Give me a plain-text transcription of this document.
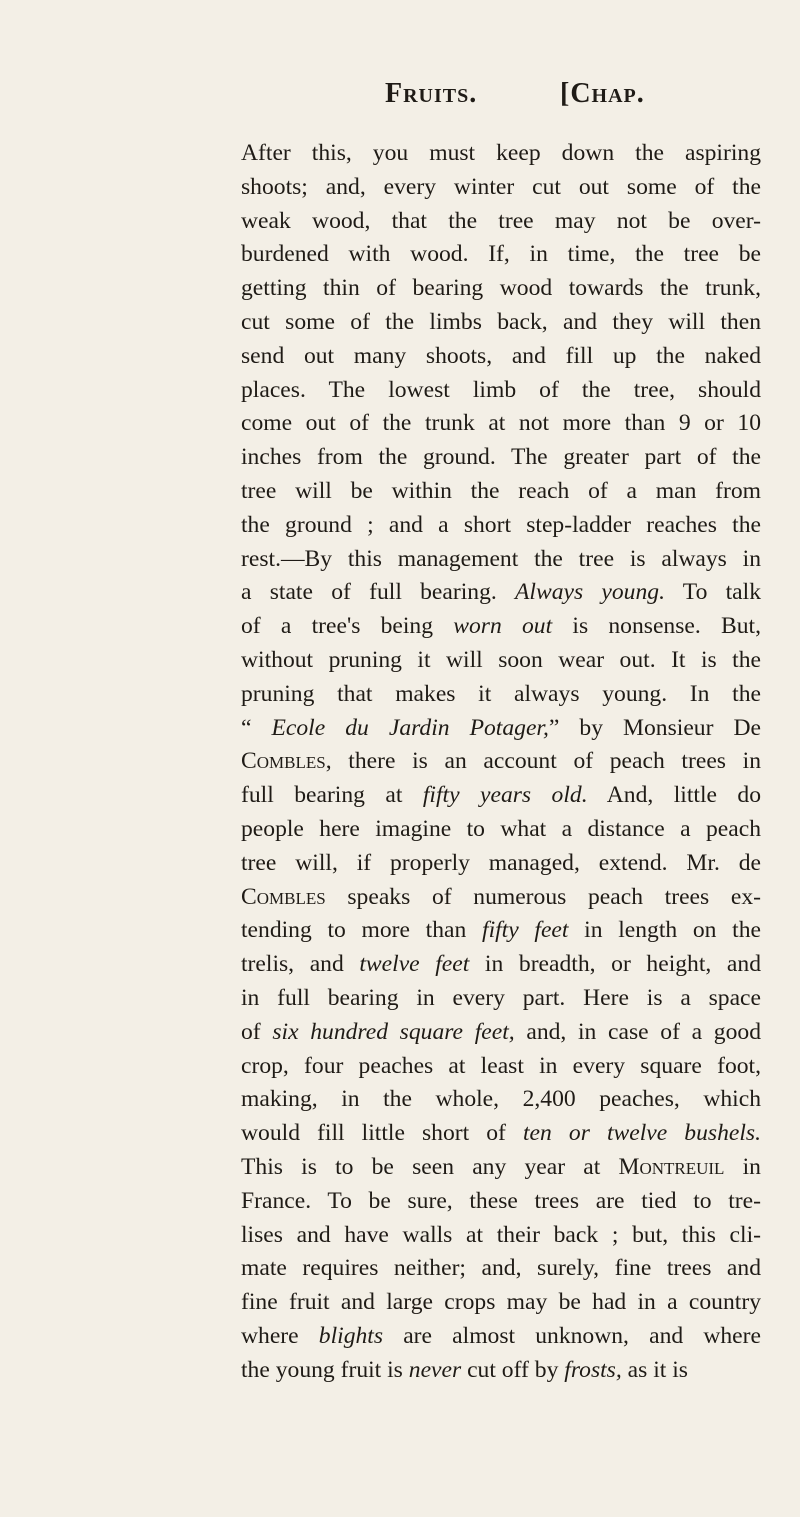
Fruits.	[Chap.
After this, you must keep down the aspiring
shoots; and, every winter cut out some of the
weak wood, that the tree may not be over-
burdened with wood. If, in time, the tree be
getting thin of bearing wood towards the trunk,
cut some of the limbs back, and they will then
send out many shoots, and fill up the naked
places. The lowest limb of the tree, should
come out of the trunk at not more than 9 or 10
inches from the ground. The greater part of the
tree will be within the reach of a man from
the ground ; and a short step-ladder reaches the
rest.—By this management the tree is always in
a state of full bearing. Always young. To talk
of a tree's being worn out is nonsense. But,
without pruning it will soon wear out. It is the
pruning that makes it always young. In the
“ Ecole du Jardin Potager,” by Monsieur De
Combles, there is an account of peach trees in
full bearing at fifty years old. And, little do
people here imagine to what a distance a peach
tree will, if properly managed, extend. Mr. de
Combles speaks of numerous peach trees ex-
tending to more than fifty feet in length on the
trelis, and twelve feet in breadth, or height, and
in full bearing in every part. Here is a space
of six hundred square feet, and, in case of a good
crop, four peaches at least in every square foot,
making, in the whole, 2,400 peaches, which
would fill little short of ten or twelve bushels.
This is to be seen any year at Montreuil in
France. To be sure, these trees are tied to tre-
lises and have walls at their back ; but, this cli-
mate requires neither; and, surely, fine trees and
fine fruit and large crops may be had in a country
where blights are almost unknown, and where
the young fruit is never cut off by frosts, as it is
